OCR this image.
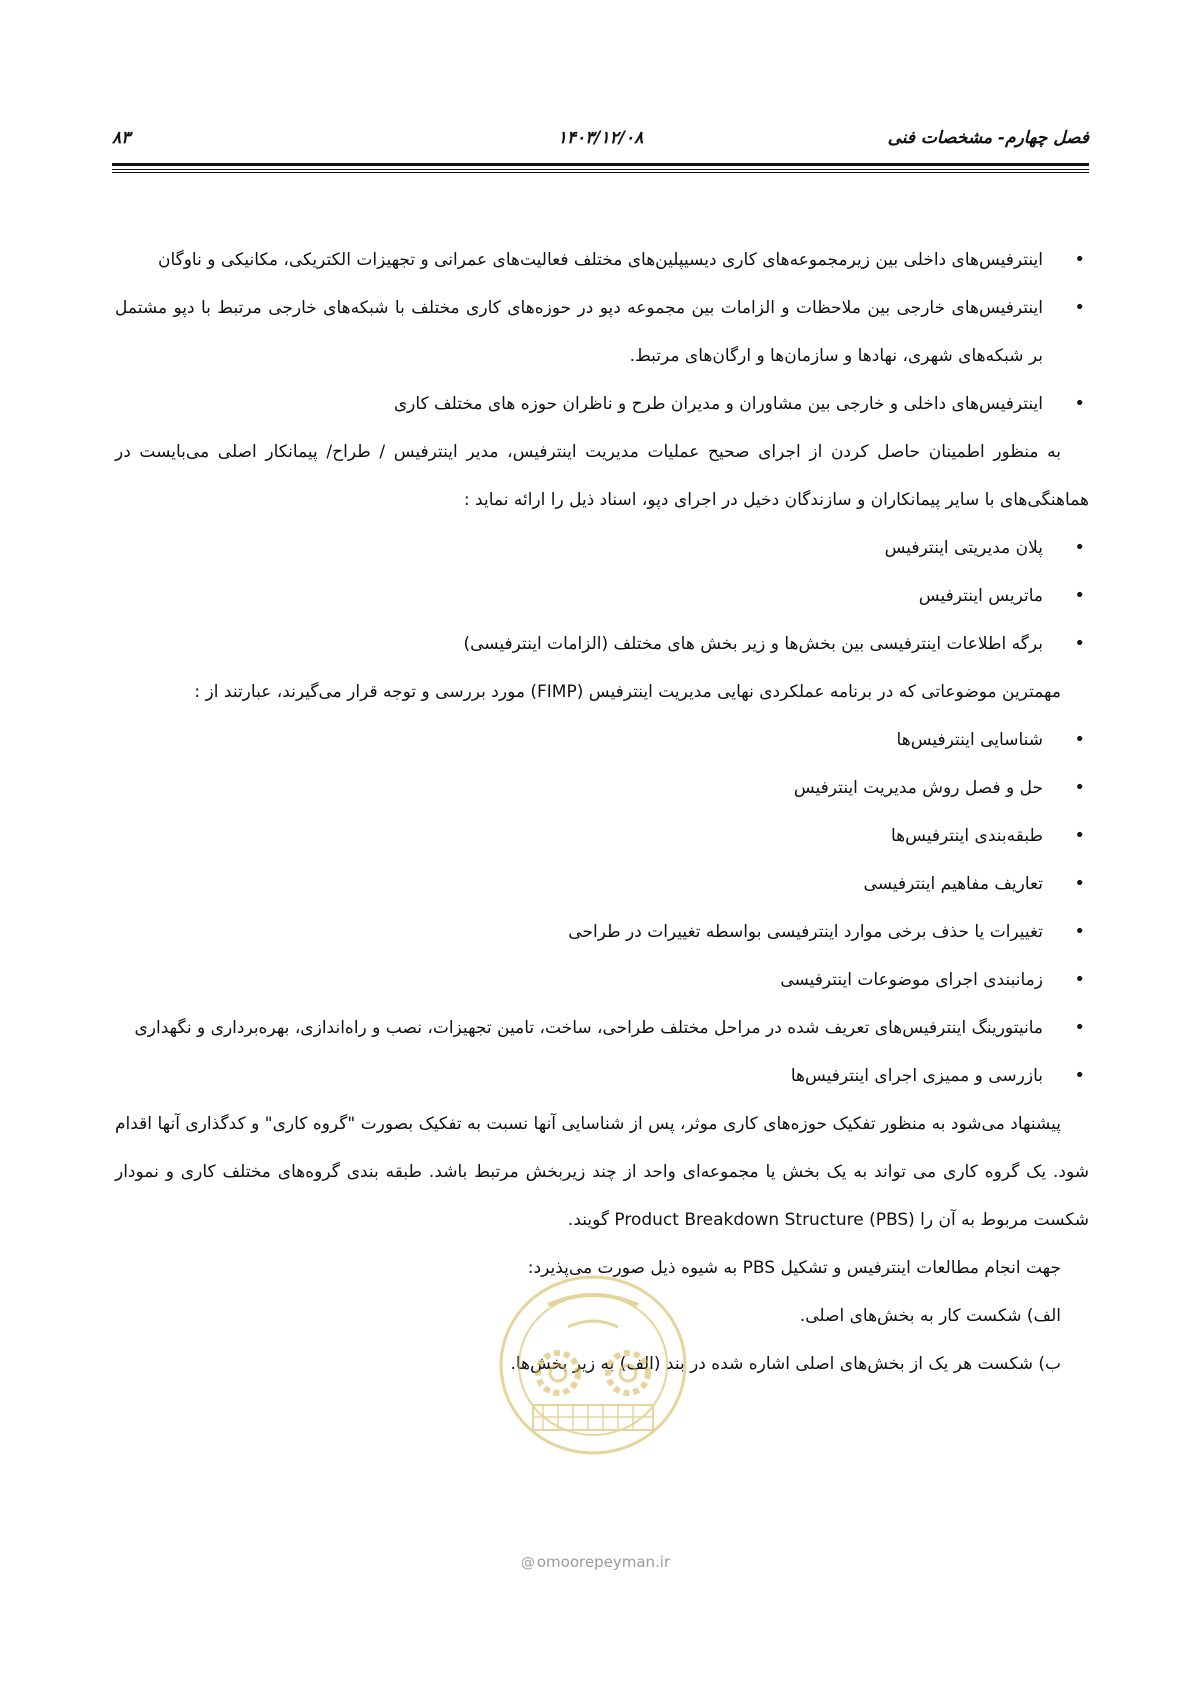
فصل چهارم- مشخصات فنی
۱۴۰۳/۱۲/۰۸
۸۳
• اینترفیس‌های داخلی بین زیرمجموعه‌های کاری دیسیپلین‌های مختلف فعالیت‌های عمرانی و تجهیزات الکتریکی، مکانیکی و ناوگان
• اینترفیس‌های خارجی بین ملاحظات و الزامات بین مجموعه دپو در حوزه‌های کاری مختلف با شبکه‌های خارجی مرتبط با دپو مشتمل بر شبکه‌های شهری، نهادها و سازمان‌ها و ارگان‌های مرتبط.
• اینترفیس‌های داخلی و خارجی بین مشاوران و مدیران طرح و ناظران حوزه های مختلف کاری

به منظور اطمینان حاصل کردن از اجرای صحیح عملیات مدیریت اینترفیس، مدیر اینترفیس / طراح/ پیمانکار اصلی می‌بایست در هماهنگی‌های با سایر پیمانکاران و سازندگان دخیل در اجرای دپو، اسناد ذیل را ارائه نماید :

• پلان مدیریتی اینترفیس
• ماتریس اینترفیس
• برگه اطلاعات اینترفیسی بین بخش‌ها و زیر بخش های مختلف (الزامات اینترفیسی)

مهمترین موضوعاتی که در برنامه عملکردی نهایی مدیریت اینترفیس (FIMP) مورد بررسی و توجه قرار می‌گیرند، عبارتند از :

• شناسایی اینترفیس‌ها
• حل و فصل روش مدیریت اینترفیس
• طبقه‌بندی اینترفیس‌ها
• تعاریف مفاهیم اینترفیسی
• تغییرات یا حذف برخی موارد اینترفیسی بواسطه تغییرات در طراحی
• زمانبندی اجرای موضوعات اینترفیسی
• مانیتورینگ اینترفیس‌های تعریف شده در مراحل مختلف طراحی، ساخت، تامین تجهیزات، نصب و راه‌اندازی، بهره‌برداری و نگهداری
• بازرسی و ممیزی اجرای اینترفیس‌ها

پیشنهاد می‌شود به منظور تفکیک حوزه‌های کاری موثر، پس از شناسایی آنها نسبت به تفکیک بصورت "گروه کاری" و کدگذاری آنها اقدام شود. یک گروه کاری می تواند به یک بخش یا مجموعه‌ای واحد از چند زیربخش مرتبط باشد. طبقه بندی گروه‌های مختلف کاری و نمودار شکست مربوط به آن را Product Breakdown Structure (PBS) گویند.

جهت انجام مطالعات اینترفیس و تشکیل PBS به شیوه ذیل صورت می‌پذیرد:

الف) شکست کار به بخش‌های اصلی.

ب) شکست هر یک از بخش‌های اصلی اشاره شده در بند (الف) به زیر بخش‌ها.

@ omoorepeyman.ir
